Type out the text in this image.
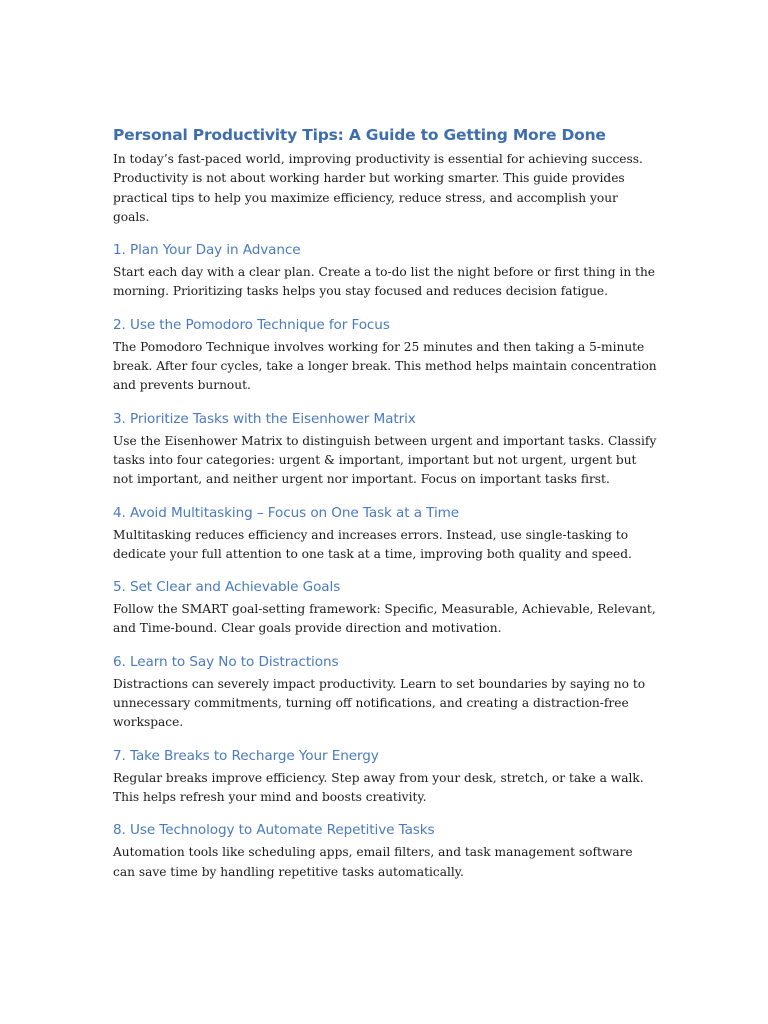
Personal Productivity Tips: A Guide to Getting More Done

In today’s fast-paced world, improving productivity is essential for achieving success. Productivity is not about working harder but working smarter. This guide provides practical tips to help you maximize efficiency, reduce stress, and accomplish your goals.

1. Plan Your Day in Advance

Start each day with a clear plan. Create a to-do list the night before or first thing in the morning. Prioritizing tasks helps you stay focused and reduces decision fatigue.

2. Use the Pomodoro Technique for Focus

The Pomodoro Technique involves working for 25 minutes and then taking a 5-minute break. After four cycles, take a longer break. This method helps maintain concentration and prevents burnout.

3. Prioritize Tasks with the Eisenhower Matrix

Use the Eisenhower Matrix to distinguish between urgent and important tasks. Classify tasks into four categories: urgent & important, important but not urgent, urgent but not important, and neither urgent nor important. Focus on important tasks first.

4. Avoid Multitasking – Focus on One Task at a Time

Multitasking reduces efficiency and increases errors. Instead, use single-tasking to dedicate your full attention to one task at a time, improving both quality and speed.

5. Set Clear and Achievable Goals

Follow the SMART goal-setting framework: Specific, Measurable, Achievable, Relevant, and Time-bound. Clear goals provide direction and motivation.

6. Learn to Say No to Distractions

Distractions can severely impact productivity. Learn to set boundaries by saying no to unnecessary commitments, turning off notifications, and creating a distraction-free workspace.

7. Take Breaks to Recharge Your Energy

Regular breaks improve efficiency. Step away from your desk, stretch, or take a walk. This helps refresh your mind and boosts creativity.

8. Use Technology to Automate Repetitive Tasks

Automation tools like scheduling apps, email filters, and task management software can save time by handling repetitive tasks automatically.
